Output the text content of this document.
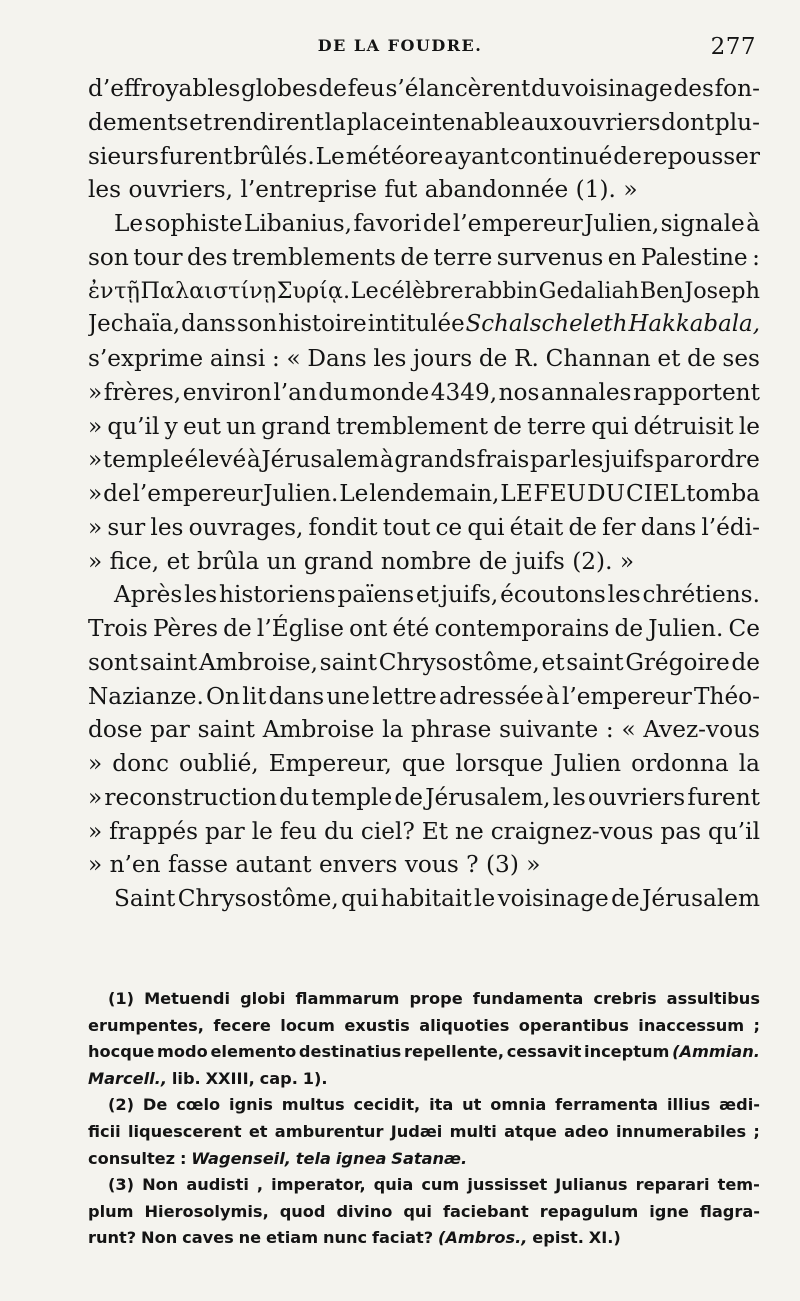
DE LA FOUDRE.	277
d’effroyables globes de feu s’élancèrent du voisinage des fon-
dements et rendirent la place intenable aux ouvriers dont plu-
sieurs furent brûlés. Le météore ayant continué de repousser
les ouvriers, l’entreprise fut abandonnée (1). »
Le sophiste Libanius, favori de l’empereur Julien, signale à
son tour des tremblements de terre survenus en Palestine :
ἐν τῇ Παλαιστίνῃ Συρίᾳ. Le célèbre rabbin Gedaliah Ben Joseph
Jechaïa, dans son histoire intitulée Schalscheleth Hakkabala,
s’exprime ainsi : « Dans les jours de R. Channan et de ses
» frères, environ l’an du monde 4349, nos annales rapportent
» qu’il y eut un grand tremblement de terre qui détruisit le
» temple élevé à Jérusalem à grands frais par les juifs par ordre
» de l’empereur Julien. Le lendemain, LE FEU DU CIEL tomba
» sur les ouvrages, fondit tout ce qui était de fer dans l’édi-
» fice, et brûla un grand nombre de juifs (2). »
Après les historiens païens et juifs, écoutons les chrétiens.
Trois Pères de l’Église ont été contemporains de Julien. Ce
sont saint Ambroise, saint Chrysostôme, et saint Grégoire de
Nazianze. On lit dans une lettre adressée à l’empereur Théo-
dose par saint Ambroise la phrase suivante : « Avez-vous
» donc oublié, Empereur, que lorsque Julien ordonna la
» reconstruction du temple de Jérusalem, les ouvriers furent
» frappés par le feu du ciel? Et ne craignez-vous pas qu’il
» n’en fasse autant envers vous ? (3) »
Saint Chrysostôme, qui habitait le voisinage de Jérusalem
(1) Metuendi globi flammarum prope fundamenta crebris assultibus
erumpentes, fecere locum exustis aliquoties operantibus inaccessum ;
hocque modo elemento destinatius repellente, cessavit inceptum (Ammian.
Marcell., lib. XXIII, cap. 1).
(2) De cœlo ignis multus cecidit, ita ut omnia ferramenta illius ædi-
ficii liquescerent et amburentur Judæi multi atque adeo innumerabiles ;
consultez : Wagenseil, tela ignea Satanæ.
(3) Non audisti , imperator, quia cum jussisset Julianus reparari tem-
plum Hierosolymis, quod divino qui faciebant repagulum igne flagra-
runt? Non caves ne etiam nunc faciat? (Ambros., epist. XI.)
